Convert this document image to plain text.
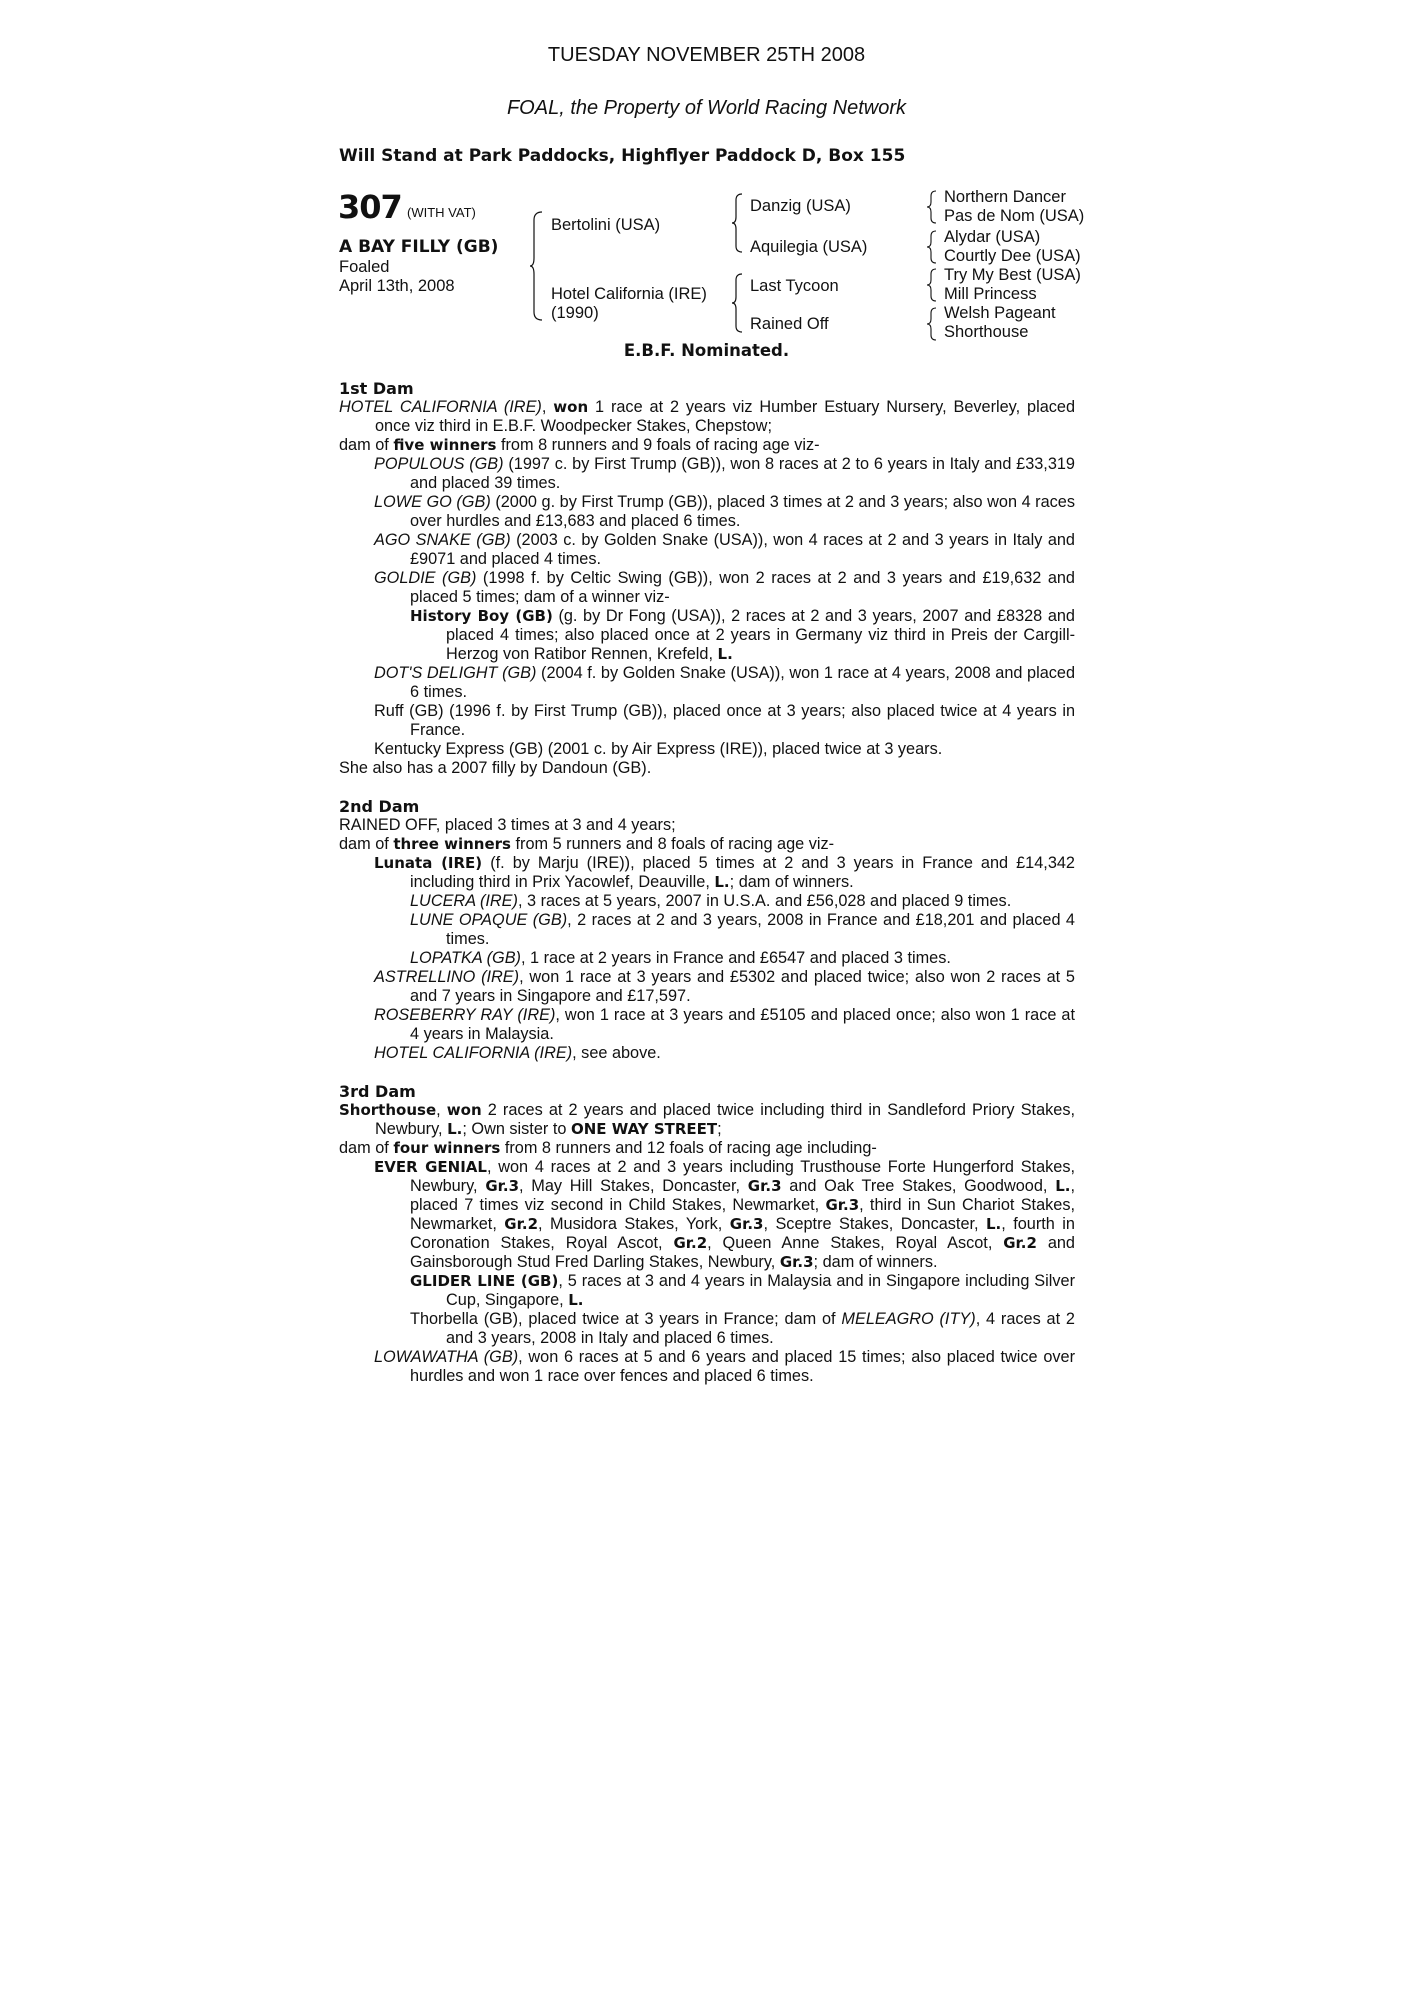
TUESDAY NOVEMBER 25TH 2008
FOAL, the Property of World Racing Network
Will Stand at Park Paddocks, Highflyer Paddock D, Box 155
307 (WITH VAT)
A BAY FILLY (GB)
Foaled
April 13th, 2008
Bertolini (USA)
Hotel California (IRE)
(1990)
Danzig (USA)
Aquilegia (USA)
Last Tycoon
Rained Off
Northern Dancer
Pas de Nom (USA)
Alydar (USA)
Courtly Dee (USA)
Try My Best (USA)
Mill Princess
Welsh Pageant
Shorthouse
E.B.F. Nominated.

1st Dam

HOTEL CALIFORNIA (IRE), won 1 race at 2 years viz Humber Estuary Nursery, Beverley, placed once viz third in E.B.F. Woodpecker Stakes, Chepstow;

dam of five winners from 8 runners and 9 foals of racing age viz-

POPULOUS (GB) (1997 c. by First Trump (GB)), won 8 races at 2 to 6 years in Italy and £33,319 and placed 39 times.

LOWE GO (GB) (2000 g. by First Trump (GB)), placed 3 times at 2 and 3 years; also won 4 races over hurdles and £13,683 and placed 6 times.

AGO SNAKE (GB) (2003 c. by Golden Snake (USA)), won 4 races at 2 and 3 years in Italy and £9071 and placed 4 times.

GOLDIE (GB) (1998 f. by Celtic Swing (GB)), won 2 races at 2 and 3 years and £19,632 and placed 5 times; dam of a winner viz-

History Boy (GB) (g. by Dr Fong (USA)), 2 races at 2 and 3 years, 2007 and £8328 and placed 4 times; also placed once at 2 years in Germany viz third in Preis der Cargill-Herzog von Ratibor Rennen, Krefeld, L.

DOT'S DELIGHT (GB) (2004 f. by Golden Snake (USA)), won 1 race at 4 years, 2008 and placed 6 times.

Ruff (GB) (1996 f. by First Trump (GB)), placed once at 3 years; also placed twice at 4 years in France.

Kentucky Express (GB) (2001 c. by Air Express (IRE)), placed twice at 3 years.

She also has a 2007 filly by Dandoun (GB).

2nd Dam

RAINED OFF, placed 3 times at 3 and 4 years;

dam of three winners from 5 runners and 8 foals of racing age viz-

Lunata (IRE) (f. by Marju (IRE)), placed 5 times at 2 and 3 years in France and £14,342 including third in Prix Yacowlef, Deauville, L.; dam of winners.

LUCERA (IRE), 3 races at 5 years, 2007 in U.S.A. and £56,028 and placed 9 times.

LUNE OPAQUE (GB), 2 races at 2 and 3 years, 2008 in France and £18,201 and placed 4 times.

LOPATKA (GB), 1 race at 2 years in France and £6547 and placed 3 times.

ASTRELLINO (IRE), won 1 race at 3 years and £5302 and placed twice; also won 2 races at 5 and 7 years in Singapore and £17,597.

ROSEBERRY RAY (IRE), won 1 race at 3 years and £5105 and placed once; also won 1 race at 4 years in Malaysia.

HOTEL CALIFORNIA (IRE), see above.

3rd Dam

Shorthouse, won 2 races at 2 years and placed twice including third in Sandleford Priory Stakes, Newbury, L.; Own sister to ONE WAY STREET;

dam of four winners from 8 runners and 12 foals of racing age including-

EVER GENIAL, won 4 races at 2 and 3 years including Trusthouse Forte Hungerford Stakes, Newbury, Gr.3, May Hill Stakes, Doncaster, Gr.3 and Oak Tree Stakes, Goodwood, L., placed 7 times viz second in Child Stakes, Newmarket, Gr.3, third in Sun Chariot Stakes, Newmarket, Gr.2, Musidora Stakes, York, Gr.3, Sceptre Stakes, Doncaster, L., fourth in Coronation Stakes, Royal Ascot, Gr.2, Queen Anne Stakes, Royal Ascot, Gr.2 and Gainsborough Stud Fred Darling Stakes, Newbury, Gr.3; dam of winners.

GLIDER LINE (GB), 5 races at 3 and 4 years in Malaysia and in Singapore including Silver Cup, Singapore, L.

Thorbella (GB), placed twice at 3 years in France; dam of MELEAGRO (ITY), 4 races at 2 and 3 years, 2008 in Italy and placed 6 times.

LOWAWATHA (GB), won 6 races at 5 and 6 years and placed 15 times; also placed twice over hurdles and won 1 race over fences and placed 6 times.
